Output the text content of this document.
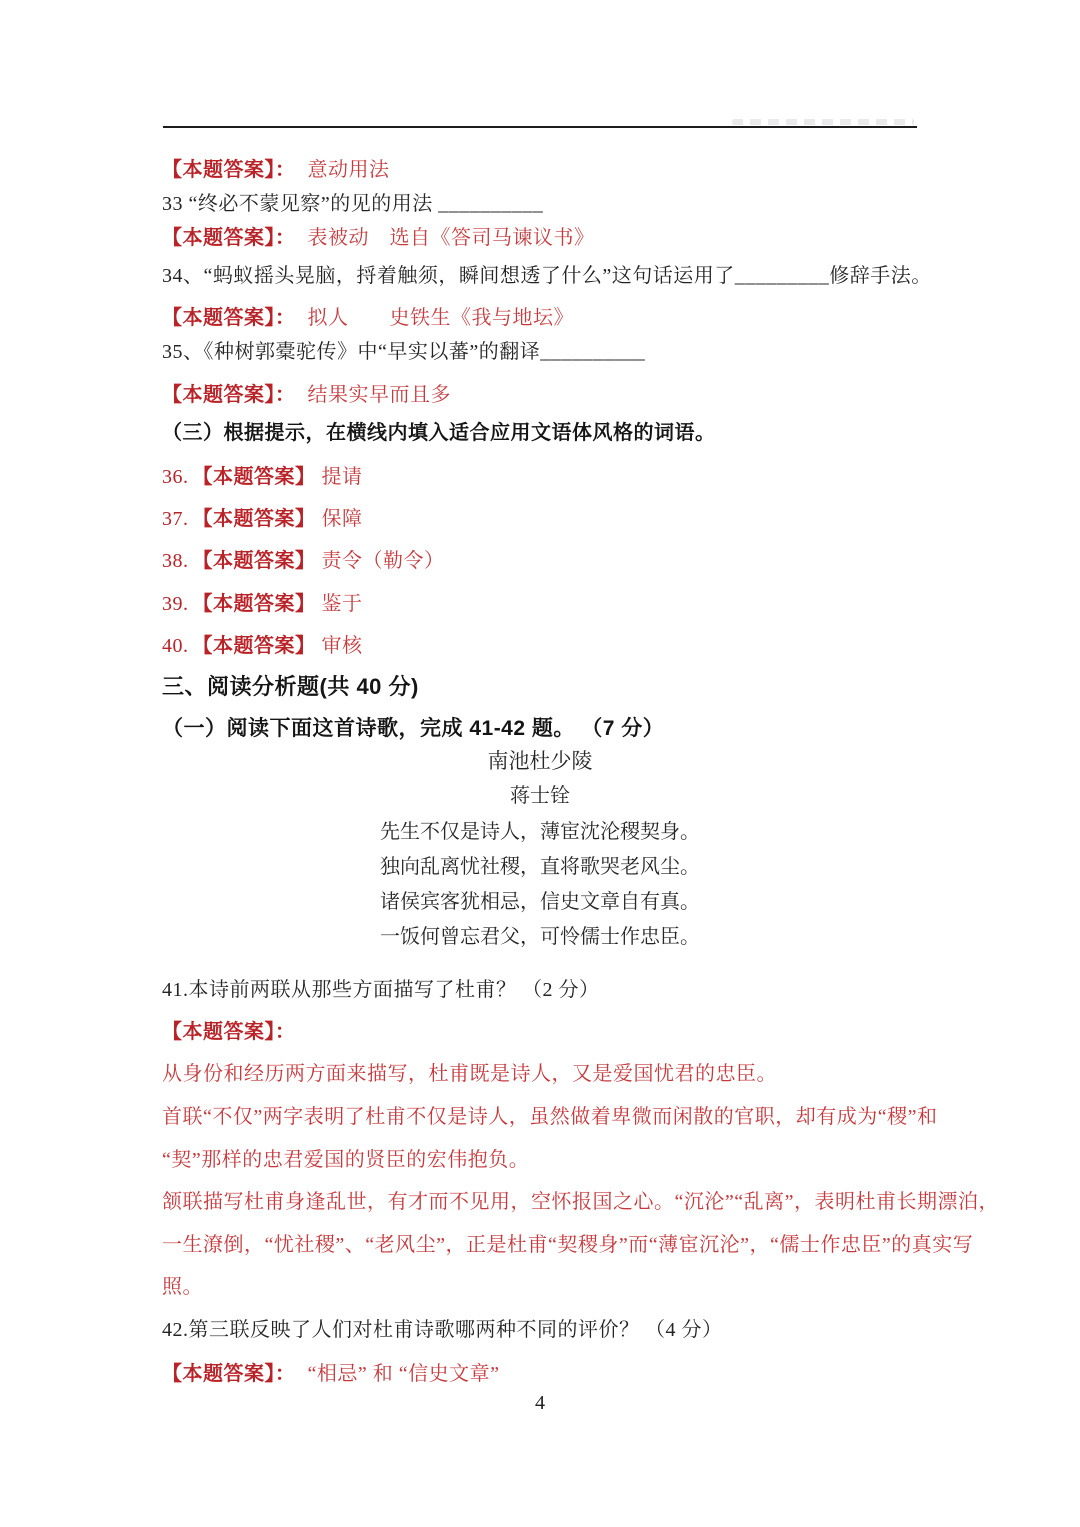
【本题答案】： 意动用法

33 “终必不蒙见察”的见的用法 __________

【本题答案】： 表被动　选自《答司马谏议书》

34、“蚂蚁摇头晃脑，捋着触须，瞬间想透了什么”这句话运用了_________修辞手法。

【本题答案】： 拟人　　史铁生《我与地坛》

35、《种树郭橐驼传》中“早实以蕃”的翻译__________

【本题答案】： 结果实早而且多

（三）根据提示，在横线内填入适合应用文语体风格的词语。

36. 【本题答案】 提请

37. 【本题答案】 保障

38. 【本题答案】 责令（勒令）

39. 【本题答案】 鉴于

40. 【本题答案】 审核

三、阅读分析题(共 40 分)

（一）阅读下面这首诗歌，完成 41-42 题。 （7 分）

南池杜少陵

蒋士铨

先生不仅是诗人，薄宦沈沦稷契身。

独向乱离忧社稷，直将歌哭老风尘。

诸侯宾客犹相忌，信史文章自有真。

一饭何曾忘君父，可怜儒士作忠臣。

41.本诗前两联从那些方面描写了杜甫？ （2 分）

【本题答案】：

从身份和经历两方面来描写，杜甫既是诗人，又是爱国忧君的忠臣。

首联“不仅”两字表明了杜甫不仅是诗人，虽然做着卑微而闲散的官职，却有成为“稷”和

“契”那样的忠君爱国的贤臣的宏伟抱负。

颔联描写杜甫身逢乱世，有才而不见用，空怀报国之心。“沉沦”“乱离”，表明杜甫长期漂泊，

一生潦倒，“忧社稷”、“老风尘”，正是杜甫“契稷身”而“薄宦沉沦”，“儒士作忠臣”的真实写

照。

42.第三联反映了人们对杜甫诗歌哪两种不同的评价？ （4 分）

【本题答案】： “相忌” 和 “信史文章”

4
